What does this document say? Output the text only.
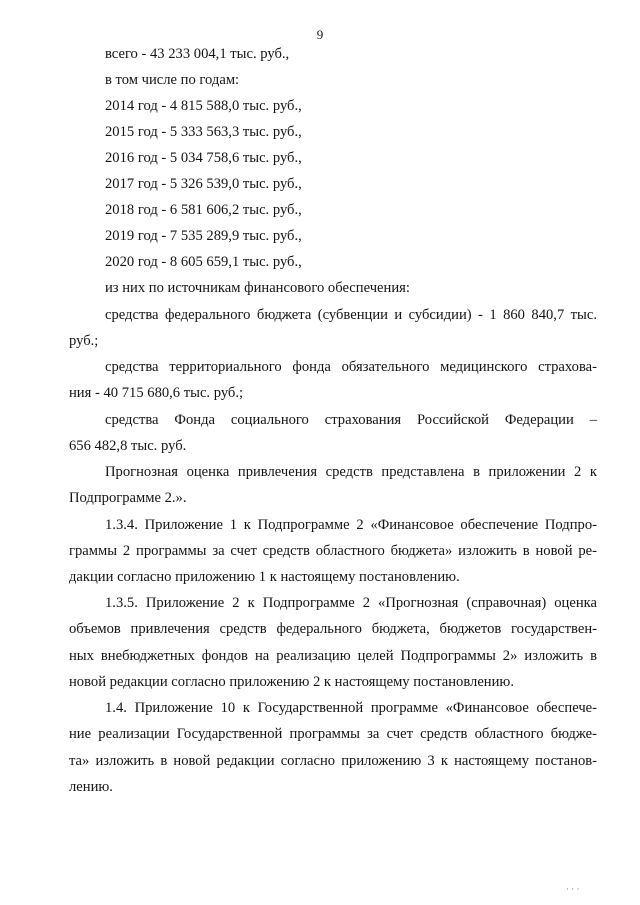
9
всего - 43 233 004,1 тыс. руб.,
в том числе по годам:
2014 год - 4 815 588,0 тыс. руб.,
2015 год - 5 333 563,3 тыс. руб.,
2016 год - 5 034 758,6 тыс. руб.,
2017 год - 5 326 539,0 тыс. руб.,
2018 год - 6 581 606,2 тыс. руб.,
2019 год - 7 535 289,9 тыс. руб.,
2020 год - 8 605 659,1 тыс. руб.,
из них по источникам финансового обеспечения:
средства федерального бюджета (субвенции и субсидии) - 1 860 840,7 тыс.
руб.;
средства территориального фонда обязательного медицинского страхова-
ния - 40 715 680,6 тыс. руб.;
средства Фонда социального страхования Российской Федерации –
656 482,8 тыс. руб.
Прогнозная оценка привлечения средств представлена в приложении 2 к
Подпрограмме 2.».
1.3.4. Приложение 1 к Подпрограмме 2 «Финансовое обеспечение Подпро-
граммы 2 программы за счет средств областного бюджета» изложить в новой ре-
дакции согласно приложению 1 к настоящему постановлению.
1.3.5. Приложение 2 к Подпрограмме 2 «Прогнозная (справочная) оценка
объемов привлечения средств федерального бюджета, бюджетов государствен-
ных внебюджетных фондов на реализацию целей Подпрограммы 2» изложить в
новой редакции согласно приложению 2 к настоящему постановлению.
1.4. Приложение 10 к Государственной программе «Финансовое обеспече-
ние реализации Государственной программы за счет средств областного бюдже-
та» изложить в новой редакции согласно приложению 3 к настоящему постанов-
лению.
· · ·
